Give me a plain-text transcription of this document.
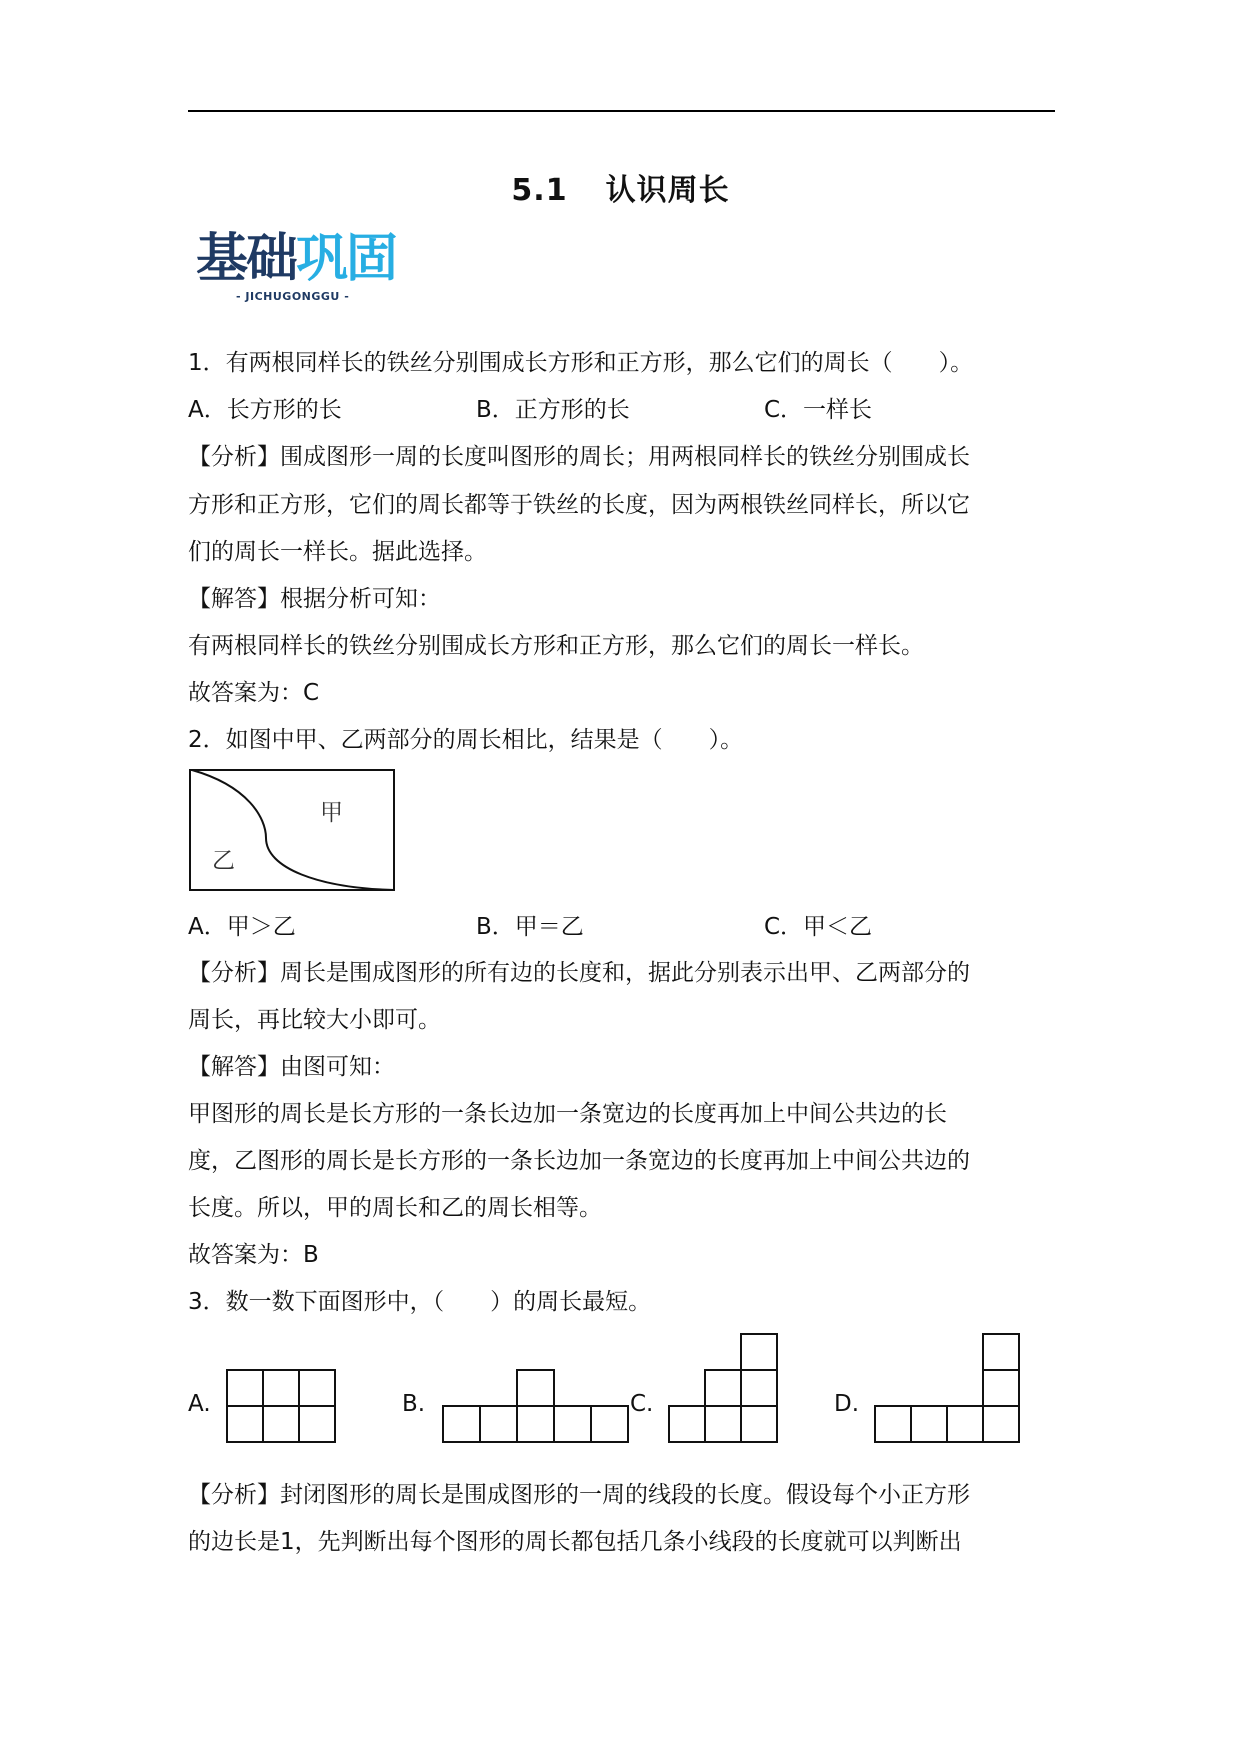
5.1 认识周长
基础巩固
- JICHUGONGGU -
1．有两根同样长的铁丝分别围成长方形和正方形，那么它们的周长（　　）。
A．长方形的长	B．正方形的长	C．一样长
【分析】围成图形一周的长度叫图形的周长；用两根同样长的铁丝分别围成长
方形和正方形，它们的周长都等于铁丝的长度，因为两根铁丝同样长，所以它
们的周长一样长。据此选择。
【解答】根据分析可知：
有两根同样长的铁丝分别围成长方形和正方形，那么它们的周长一样长。
故答案为：C
2．如图中甲、乙两部分的周长相比，结果是（　　）。
甲
乙
A．甲＞乙	B．甲＝乙	C．甲＜乙
【分析】周长是围成图形的所有边的长度和，据此分别表示出甲、乙两部分的
周长，再比较大小即可。
【解答】由图可知：
甲图形的周长是长方形的一条长边加一条宽边的长度再加上中间公共边的长
度，乙图形的周长是长方形的一条长边加一条宽边的长度再加上中间公共边的
长度。所以，甲的周长和乙的周长相等。
故答案为：B
3．数一数下面图形中，（　　）的周长最短。
A.	B.	C.	D.
【分析】封闭图形的周长是围成图形的一周的线段的长度。假设每个小正方形
的边长是1，先判断出每个图形的周长都包括几条小线段的长度就可以判断出
